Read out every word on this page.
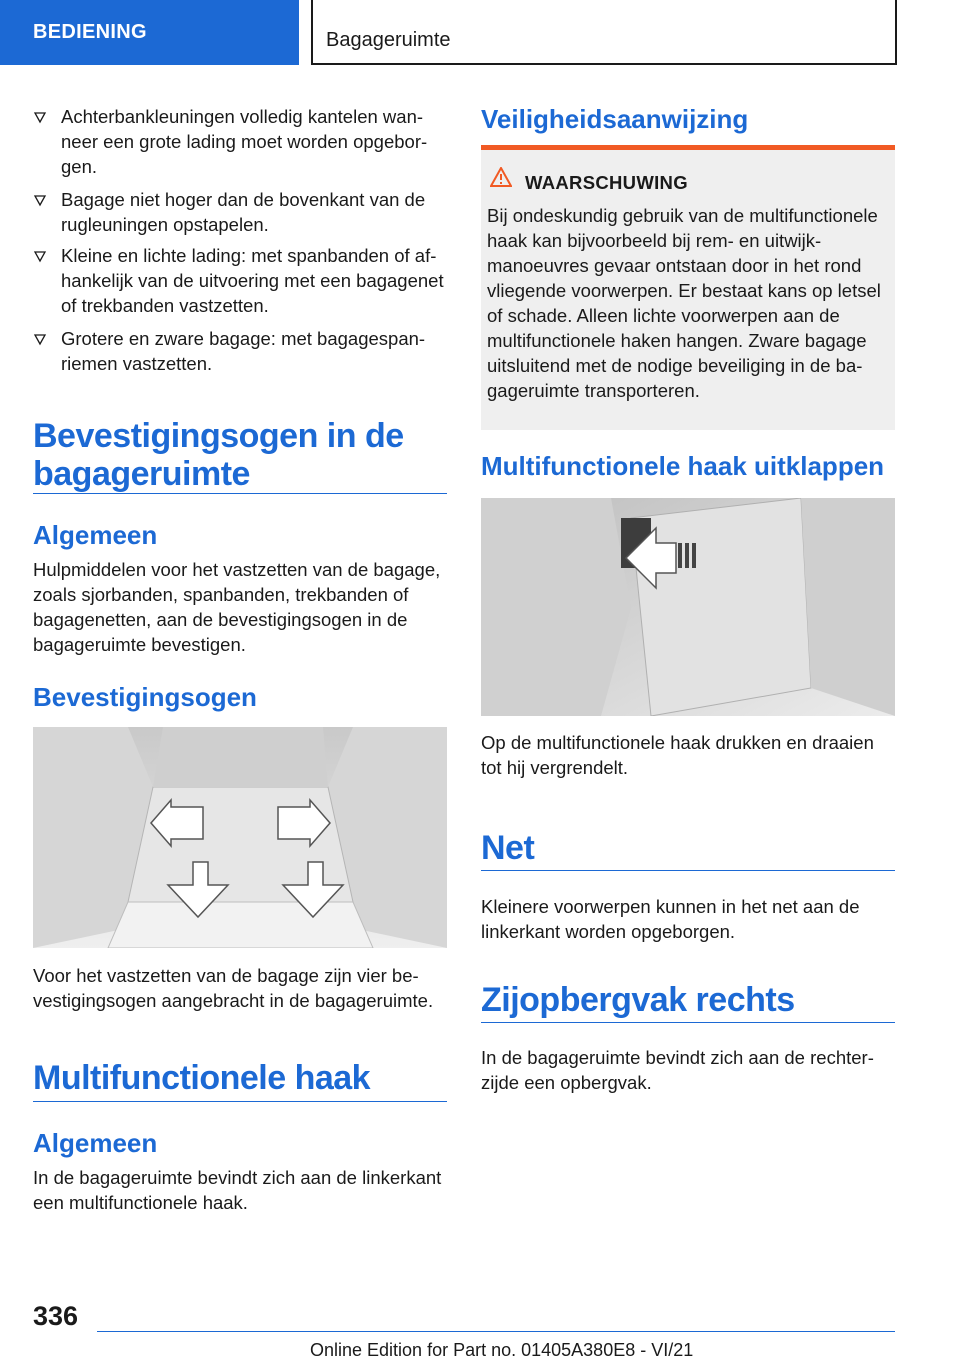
BEDIENING	Bagageruimte
Achterbankleuningen volledig kantelen wanneer een grote lading moet worden opgeborgen.
Bagage niet hoger dan de bovenkant van de rugleuningen opstapelen.
Kleine en lichte lading: met spanbanden of afhankelijk van de uitvoering met een bagagenet of trekbanden vastzetten.
Grotere en zware bagage: met bagagespanriemen vastzetten.
Bevestigingsogen in de bagageruimte
Algemeen
Hulpmiddelen voor het vastzetten van de bagage, zoals sjorbanden, spanbanden, trekbanden of bagagenetten, aan de bevestigingsogen in de bagageruimte bevestigen.
Bevestigingsogen
Voor het vastzetten van de bagage zijn vier bevestigingsogen aangebracht in de bagageruimte.
Multifunctionele haak
Algemeen
In de bagageruimte bevindt zich aan de linkerkant een multifunctionele haak.
Veiligheidsaanwijzing
WAARSCHUWING
Bij ondeskundig gebruik van de multifunctionele haak kan bijvoorbeeld bij rem- en uitwijkmanoeuvres gevaar ontstaan door in het rond vliegende voorwerpen. Er bestaat kans op letsel of schade. Alleen lichte voorwerpen aan de multifunctionele haken hangen. Zware bagage uitsluitend met de nodige beveiliging in de bagageruimte transporteren.
Multifunctionele haak uitklappen
Op de multifunctionele haak drukken en draaien tot hij vergrendelt.
Net
Kleinere voorwerpen kunnen in het net aan de linkerkant worden opgeborgen.
Zijopbergvak rechts
In de bagageruimte bevindt zich aan de rechterzijde een opbergvak.
336
Online Edition for Part no. 01405A380E8 - VI/21
